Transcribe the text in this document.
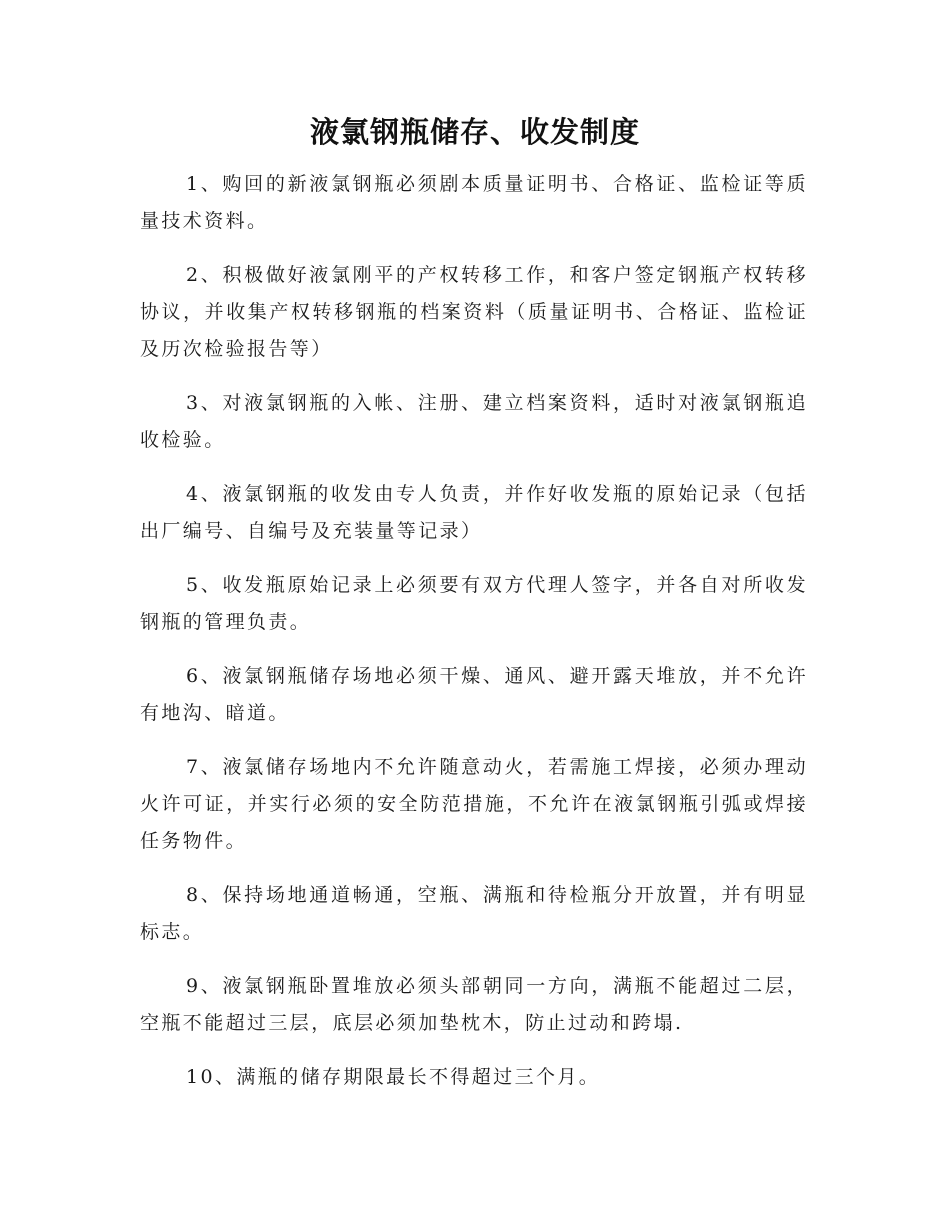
液氯钢瓶储存、收发制度

1、购回的新液氯钢瓶必须剧本质量证明书、合格证、监检证等质量技术资料。

2、积极做好液氯刚平的产权转移工作，和客户签定钢瓶产权转移协议，并收集产权转移钢瓶的档案资料（质量证明书、合格证、监检证及历次检验报告等）

3、对液氯钢瓶的入帐、注册、建立档案资料，适时对液氯钢瓶追收检验。

4、液氯钢瓶的收发由专人负责，并作好收发瓶的原始记录（包括出厂编号、自编号及充装量等记录）

5、收发瓶原始记录上必须要有双方代理人签字，并各自对所收发钢瓶的管理负责。

6、液氯钢瓶储存场地必须干燥、通风、避开露天堆放，并不允许有地沟、暗道。

7、液氯储存场地内不允许随意动火，若需施工焊接，必须办理动火许可证，并实行必须的安全防范措施，不允许在液氯钢瓶引弧或焊接任务物件。

8、保持场地通道畅通，空瓶、满瓶和待检瓶分开放置，并有明显标志。

9、液氯钢瓶卧置堆放必须头部朝同一方向，满瓶不能超过二层，空瓶不能超过三层，底层必须加垫枕木，防止过动和跨塌.

10、满瓶的储存期限最长不得超过三个月。
